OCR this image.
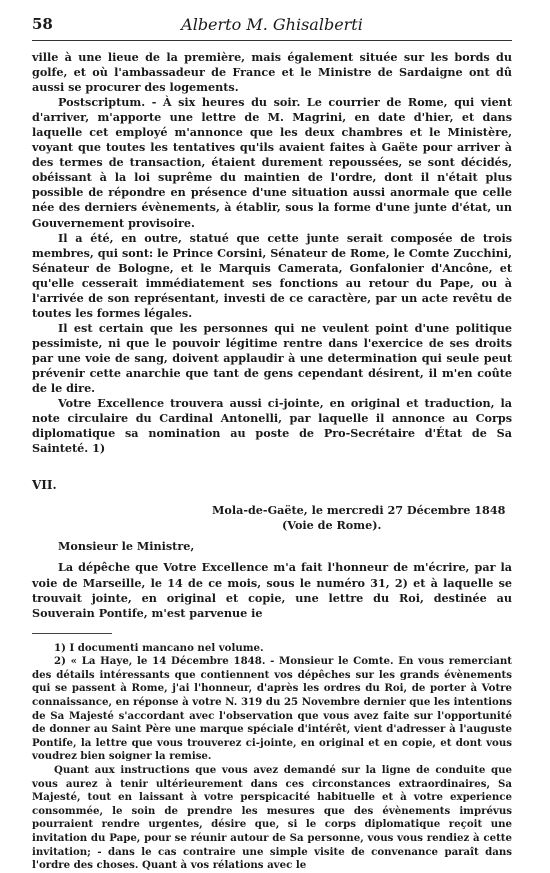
58	Alberto M. Ghisalberti

ville à une lieue de la première, mais également située sur les bords du golfe, et où l'ambassadeur de France et le Ministre de Sardaigne ont dû aussi se procurer des logements.

Postscriptum. - À six heures du soir. Le courrier de Rome, qui vient d'arriver, m'apporte une lettre de M. Magrini, en date d'hier, et dans laquelle cet employé m'annonce que les deux chambres et le Ministère, voyant que toutes les tentatives qu'ils avaient faites à Gaëte pour arriver à des termes de transaction, étaient durement repoussées, se sont décidés, obéissant à la loi suprême du maintien de l'ordre, dont il n'était plus possible de répondre en présence d'une situation aussi anormale que celle née des derniers évènements, à établir, sous la forme d'une junte d'état, un Gouvernement provisoire.

Il a été, en outre, statué que cette junte serait composée de trois membres, qui sont: le Prince Corsini, Sénateur de Rome, le Comte Zucchini, Sénateur de Bologne, et le Marquis Camerata, Gonfalonier d'Ancône, et qu'elle cesserait immédiatement ses fonctions au retour du Pape, ou à l'arrivée de son représentant, investi de ce caractère, par un acte revêtu de toutes les formes légales.

Il est certain que les personnes qui ne veulent point d'une politique pessimiste, ni que le pouvoir légitime rentre dans l'exercice de ses droits par une voie de sang, doivent applaudir à une determination qui seule peut prévenir cette anarchie que tant de gens cependant désirent, il m'en coûte de le dire.

Votre Excellence trouvera aussi ci-jointe, en original et traduction, la note circulaire du Cardinal Antonelli, par laquelle il annonce au Corps diplomatique sa nomination au poste de Pro-Secrétaire d'État de Sa Sainteté. 1)

VII.

Mola-de-Gaëte, le mercredi 27 Décembre 1848

(Voie de Rome).

Monsieur le Ministre,

La dépêche que Votre Excellence m'a fait l'honneur de m'écrire, par la voie de Marseille, le 14 de ce mois, sous le numéro 31, 2) et à laquelle se trouvait jointe, en original et copie, une lettre du Roi, destinée au Souverain Pontife, m'est parvenue ie

1) I documenti mancano nel volume.

2) « La Haye, le 14 Décembre 1848. - Monsieur le Comte. En vous remerciant des détails intéressants que contiennent vos dépêches sur les grands évènements qui se passent à Rome, j'ai l'honneur, d'après les ordres du Roi, de porter à Votre connaissance, en réponse à votre N. 319 du 25 Novembre dernier que les intentions de Sa Majesté s'accordant avec l'observation que vous avez faite sur l'opportunité de donner au Saint Père une marque spéciale d'intérêt, vient d'adresser à l'auguste Pontife, la lettre que vous trouverez ci-jointe, en original et en copie, et dont vous voudrez bien soigner la remise.

Quant aux instructions que vous avez demandé sur la ligne de conduite que vous aurez à tenir ultérieurement dans ces circonstances extraordinaires, Sa Majesté, tout en laissant à votre perspicacité habituelle et à votre experience consommée, le soin de prendre les mesures que des évènements imprévus pourraient rendre urgentes, désire que, si le corps diplomatique reçoit une invitation du Pape, pour se réunir autour de Sa personne, vous vous rendiez à cette invitation; - dans le cas contraire une simple visite de convenance paraît dans l'ordre des choses. Quant à vos rélations avec le
